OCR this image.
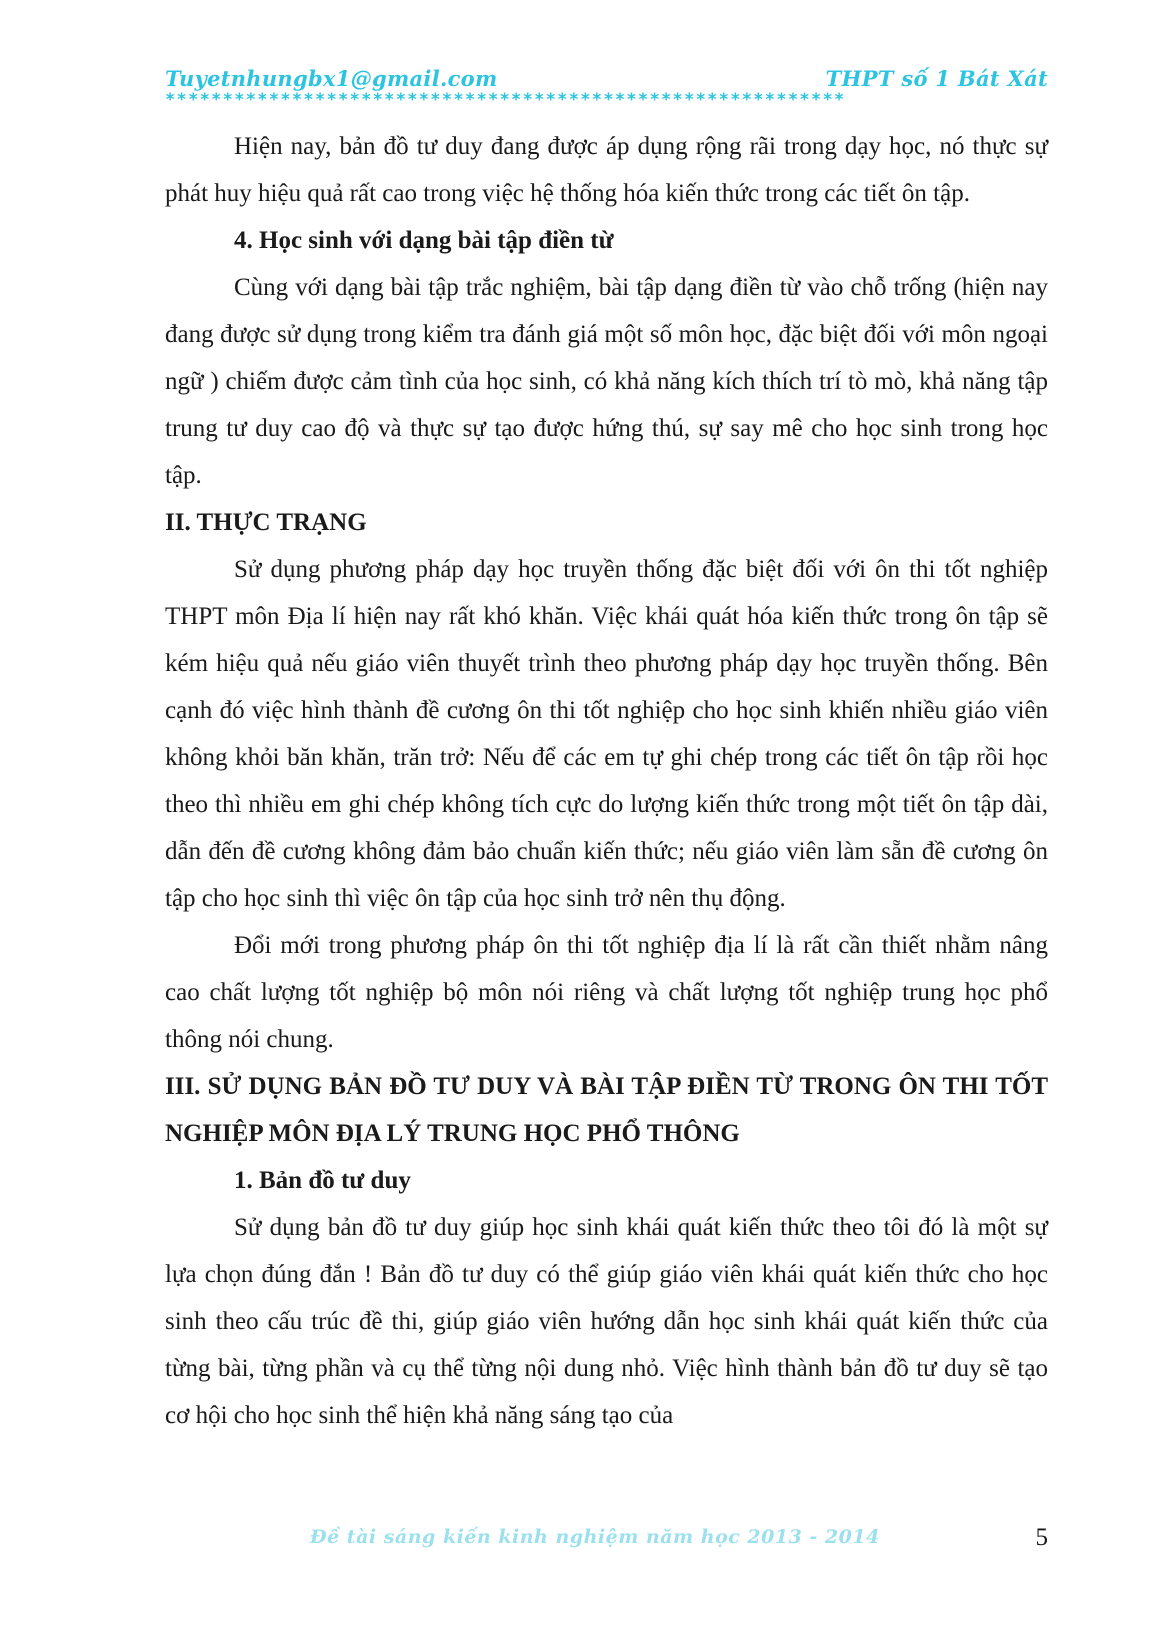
Tuyetnhungbx1@gmail.com	THPT số 1 Bát Xát
***********************************************************

Hiện nay, bản đồ tư duy đang được áp dụng rộng rãi trong dạy học, nó thực sự phát huy hiệu quả rất cao trong việc hệ thống hóa kiến thức trong các tiết ôn tập.

4. Học sinh với dạng bài tập điền từ

Cùng với dạng bài tập trắc nghiệm, bài tập dạng điền từ vào chỗ trống (hiện nay đang được sử dụng trong kiểm tra đánh giá một số môn học, đặc biệt đối với môn ngoại ngữ ) chiếm được cảm tình của học sinh, có khả năng kích thích trí tò mò, khả năng tập trung tư duy cao độ và thực sự tạo được hứng thú, sự say mê cho học sinh trong học tập.

II. THỰC TRẠNG

Sử dụng phương pháp dạy học truyền thống đặc biệt đối với ôn thi tốt nghiệp THPT môn Địa lí hiện nay rất khó khăn. Việc khái quát hóa kiến thức trong ôn tập sẽ kém hiệu quả nếu giáo viên thuyết trình theo phương pháp dạy học truyền thống. Bên cạnh đó việc hình thành đề cương ôn thi tốt nghiệp cho học sinh khiến nhiều giáo viên không khỏi băn khăn, trăn trở: Nếu để các em tự ghi chép trong các tiết ôn tập rồi học theo thì nhiều em ghi chép không tích cực do lượng kiến thức trong một tiết ôn tập dài, dẫn đến đề cương không đảm bảo chuẩn kiến thức; nếu giáo viên làm sẵn đề cương ôn tập cho học sinh thì việc ôn tập của học sinh trở nên thụ động.

Đổi mới trong phương pháp ôn thi tốt nghiệp địa lí là rất cần thiết nhằm nâng cao chất lượng tốt nghiệp bộ môn nói riêng và chất lượng tốt nghiệp trung học phổ thông nói chung.

III. SỬ DỤNG BẢN ĐỒ TƯ DUY VÀ BÀI TẬP ĐIỀN TỪ TRONG ÔN THI TỐT NGHIỆP MÔN ĐỊA LÝ TRUNG HỌC PHỔ THÔNG

1. Bản đồ tư duy

Sử dụng bản đồ tư duy giúp học sinh khái quát kiến thức theo tôi đó là một sự lựa chọn đúng đắn ! Bản đồ tư duy có thể giúp giáo viên khái quát kiến thức cho học sinh theo cấu trúc đề thi, giúp giáo viên hướng dẫn học sinh khái quát kiến thức của từng bài, từng phần và cụ thể từng nội dung nhỏ. Việc hình thành bản đồ tư duy sẽ tạo cơ hội cho học sinh thể hiện khả năng sáng tạo của

Đề tài sáng kiến kinh nghiệm năm học 2013 - 2014	5
